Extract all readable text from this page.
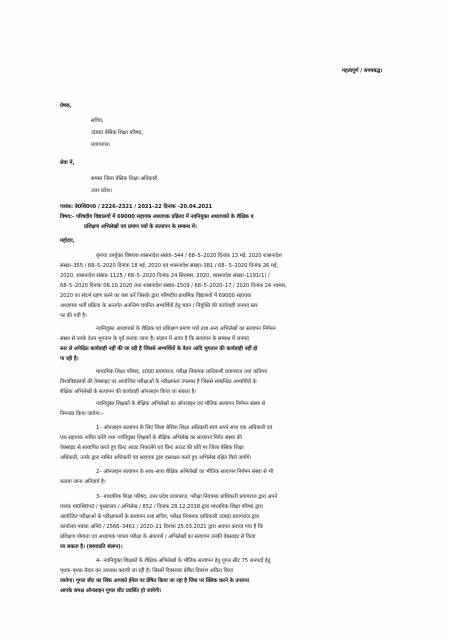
महत्वपूर्ण / समयबद्ध।
प्रेषक,
सचिव,
उ0प्र0 बेसिक शिक्षा परिषद,
प्रयागराज।
सेवा में,
समस्त जिला बेसिक शिक्षा अधिकारी,
उत्तर प्रदेश।
पत्रांक: बे0शि0प0 / 2226–2321 / 2021–22 दिनांक –20.04.2021
विषय:- परिषदीय विद्यालयों में 69000 सहायक अध्यापक प्रक्रिया में नवनियुक्त अध्यापकों के शैक्षिक व
प्रशिक्षण अभिलेखों एवं प्रमाण पत्रों के सत्यापन के सम्बन्ध में।
महोदय,
कृपया उपर्युक्त विषयक शासनादेश संख्या–344 / 68–5–2020 दिनांक 13 मई, 2020 शासनादेश
संख्या–355 / 68–5–2020 दिनांक 18 मई, 2020 एवं शासनादेश संख्या–381 / 68– 5–2020 दिनांक 26 मई,
2020, शासनादेश संख्या–1125 / 68–5–2020 दिनांक 24 सितम्बर, 2020, शासनादेश संख्या–1191(1) /
68–5–2020 दिनांक 06.10.2020 तथा शासनादेश संख्या–1509 / 68–5–2020–17 / 2020 दिनांक 24 नवम्बर,
2020 का संदर्भ ग्रहण करने का कष्ट करें जिसके द्वारा परिषदीय प्राथमिक विद्यालयों में 69000 सहायक
अध्यापक भर्ती प्रक्रिया के अन्तर्गत अनन्तिम चयनित अभ्यर्थियों हेतु चयन / नियुक्ति की कार्यवाही जनपद स्तर
पर की गयी है।
नवनियुक्त अध्यापकों के शैक्षिक एवं प्रशिक्षण प्रमाण पत्रों तथा अन्य अभिलेखों का सत्यापन निर्गमन
संस्था से उनके वेतन भुगतान के पूर्व कराया जाना है। संज्ञान में आया है कि सत्यापन के सम्बन्ध में जनपद
स्तर से अपेक्षित कार्यवाही नहीं की जा रही है जिससे अभ्यर्थियों के वेतन आदि भुगतान की कार्यवाही नहीं हो
पा रही है।
माध्यमिक शिक्षा परिषद, उ0प्र0 प्रयागराज, परीक्षा नियामक प्राधिकारी प्रयागराज तथा कतिपय
विश्वविद्यालयों की वेबसाइट पर आयोजित परीक्षाओं के परीक्षाफल उपलब्ध है जिससे सम्बन्धित अभ्यर्थियों के
शैक्षिक अभिलेखों के सत्यापन की कार्यवाही ऑनलाइन किया जा सकता है।
नवनियुक्त शिक्षकों के शैक्षिक अभिलेखों का ऑनलाइन एवं भौतिक सत्यापन निर्गमन संस्था से
निम्नवत किया जायेगा:–
1– ऑनलाइन सत्यापन के लिए जिला बेसिक शिक्षा अधिकारी स्वयं अपने साथ एक अधिकारी एवं
एक सहायक नामित करेंगे तथा नवनियुक्त शिक्षकों के शैक्षिक अभिलेख का सत्यापन निर्गत संस्था की
वेबसाइट से सत्यापित करते हुए प्रिन्ट आउट निकालेंगे एवं प्रिन्ट आउट की प्रति पर जिला बेसिक शिक्षा
अधिकारी, उनके द्वारा नामित अधिकारी एवं सहायक द्वारा हस्ताक्षर करते हुए अभिलेख रक्षित किये जायेंगे।
2– ऑनलाइन सत्यापन के साथ–साथ शैक्षिक अभिलेखों का भौतिक सत्यापन निर्गमन संस्था से भी
कराया जाना अनिवार्य है।
3– माध्यमिक शिक्षा परिषद, उत्तर प्रदेश प्रयागराज, परीक्षा नियामक प्राधिकारी प्रयागराज द्वारा अपने
पत्रांक मा0शि0प0 / मुख्यालय / अभिलेख / 852 / दिनांक 28.12.2018 द्वारा माध्यमिक शिक्षा परिषद द्वारा
आयोजित परीक्षाओं के परीक्षाफलों के सत्यापन तथा सचिव, परीक्षा नियामक प्राधिकारी उ0प्र0 प्रयागराज द्वारा
कार्यालय पत्रांक अनि0 / 2566–3461 / 2020–21 दिनांक 25.03.2021 द्वारा अवगत कराया गया है कि
प्रशिक्षण योग्यता एवं अध्यापक पात्रता परीक्षा के अंकपत्रों / अभिलेखों का सत्यापन उनकी वेबसाइट से किया
जा सकता है। (छायाप्रति संलग्न)।
4– नवनियुक्त शिक्षकों के शैक्षिक अभिलेखों के भौतिक सत्यापन हेतु गूगल सीट 75 जनपदों हेतु
पृथक–पृथक तैयार कर उपलब्ध करायी जा रही है। जिसमें दिवसवार प्रेषित विवरण अंकित किया
जायेगा। गूगल सीट का लिंक आपको ईमेल पर प्रेषित किया जा रहा है जिस पर क्लिक करने के उपरान्त
आपके समक्ष ऑनलाइन गूगल सीट प्रदर्शित हो जायेगी।
